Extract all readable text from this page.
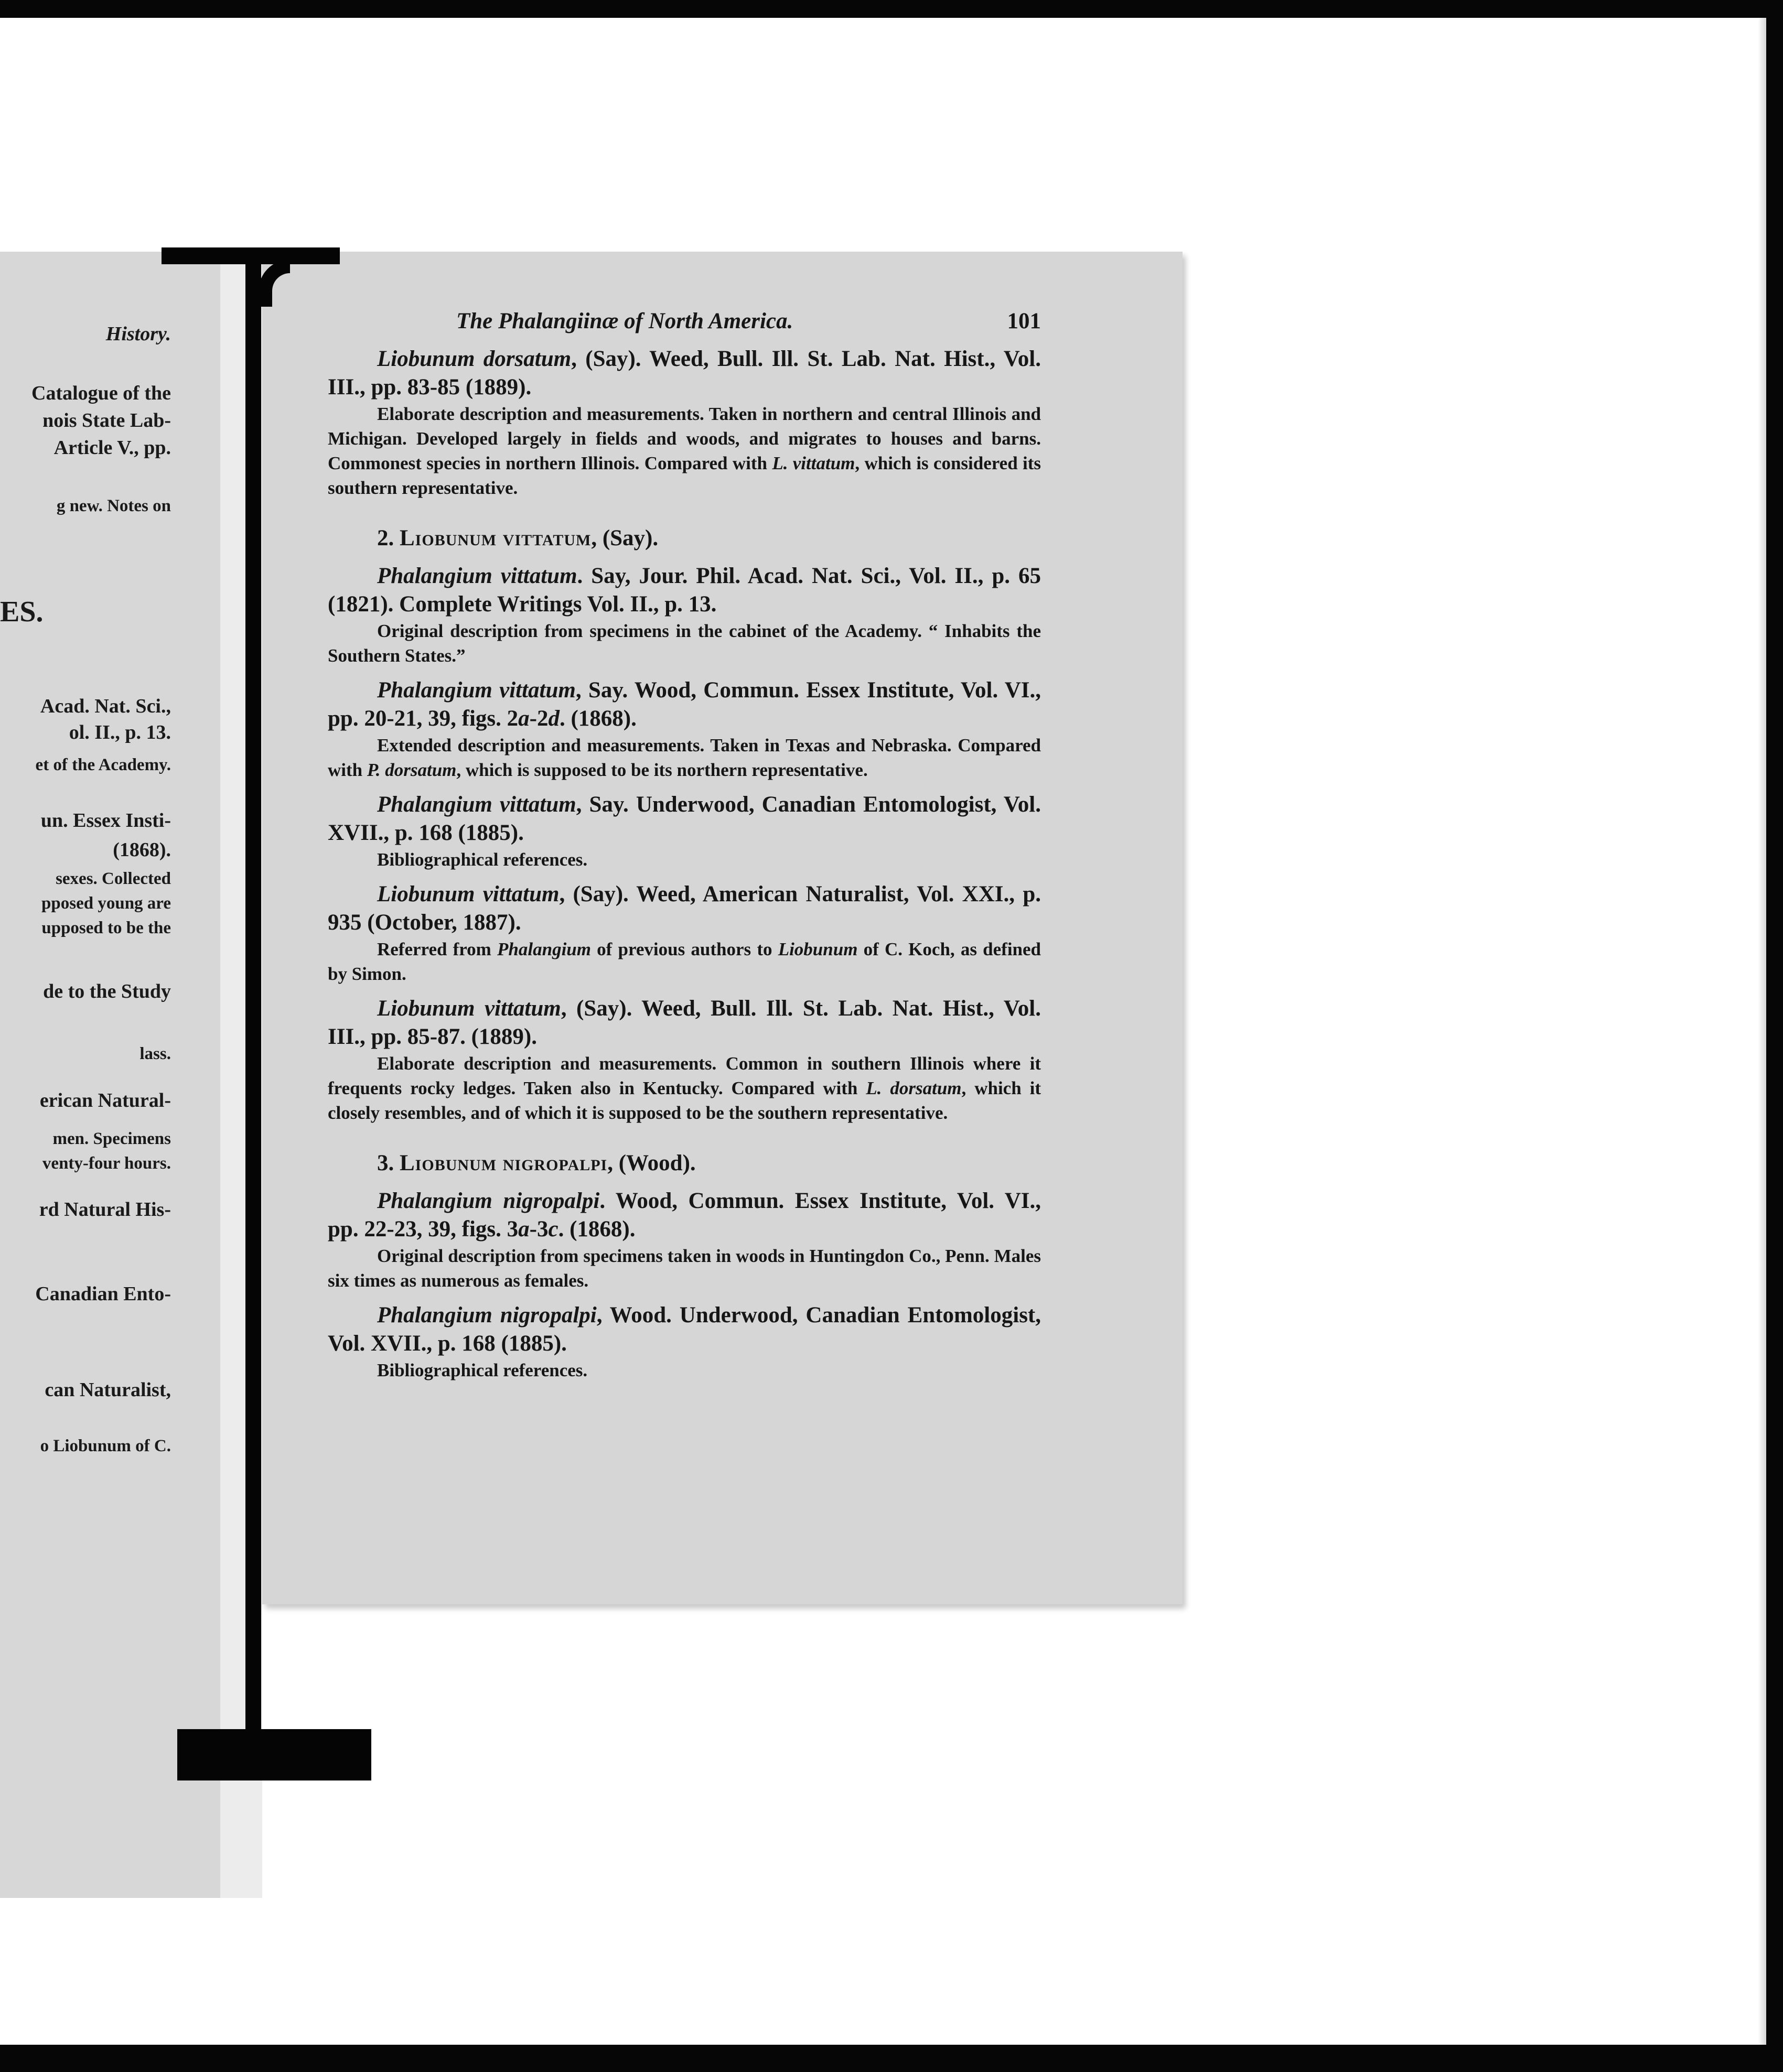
History.
Catalogue of the
nois State Lab-
Article V., pp.
g new. Notes on
ES.
Acad. Nat. Sci.,
ol. II., p. 13.
et of the Academy.
un. Essex Insti-
(1868).
sexes. Collected
pposed young are
upposed to be the
de to the Study
lass.
erican Natural-
men. Specimens
venty-four hours.
rd Natural His-
Canadian Ento-
can Naturalist,
o Liobunum of C.
The Phalangiinæ of North America.	101

Liobunum dorsatum, (Say). Weed, Bull. Ill. St. Lab. Nat. Hist., Vol. III., pp. 83-85 (1889).

Elaborate description and measurements. Taken in northern and central Illinois and Michigan. Developed largely in fields and woods, and migrates to houses and barns. Commonest species in northern Illinois. Compared with L. vittatum, which is considered its southern representative.

2. Liobunum vittatum, (Say).

Phalangium vittatum. Say, Jour. Phil. Acad. Nat. Sci., Vol. II., p. 65 (1821). Complete Writings Vol. II., p. 13.

Original description from specimens in the cabinet of the Academy. “ Inhabits the Southern States.”

Phalangium vittatum, Say. Wood, Commun. Essex Institute, Vol. VI., pp. 20-21, 39, figs. 2a-2d. (1868).

Extended description and measurements. Taken in Texas and Nebraska. Compared with P. dorsatum, which is supposed to be its northern representative.

Phalangium vittatum, Say. Underwood, Canadian Entomologist, Vol. XVII., p. 168 (1885).

Bibliographical references.

Liobunum vittatum, (Say). Weed, American Naturalist, Vol. XXI., p. 935 (October, 1887).

Referred from Phalangium of previous authors to Liobunum of C. Koch, as defined by Simon.

Liobunum vittatum, (Say). Weed, Bull. Ill. St. Lab. Nat. Hist., Vol. III., pp. 85-87. (1889).

Elaborate description and measurements. Common in southern Illinois where it frequents rocky ledges. Taken also in Kentucky. Compared with L. dorsatum, which it closely resembles, and of which it is supposed to be the southern representative.

3. Liobunum nigropalpi, (Wood).

Phalangium nigropalpi. Wood, Commun. Essex Institute, Vol. VI., pp. 22-23, 39, figs. 3a-3c. (1868).

Original description from specimens taken in woods in Huntingdon Co., Penn. Males six times as numerous as females.

Phalangium nigropalpi, Wood. Underwood, Canadian Entomologist, Vol. XVII., p. 168 (1885).

Bibliographical references.
